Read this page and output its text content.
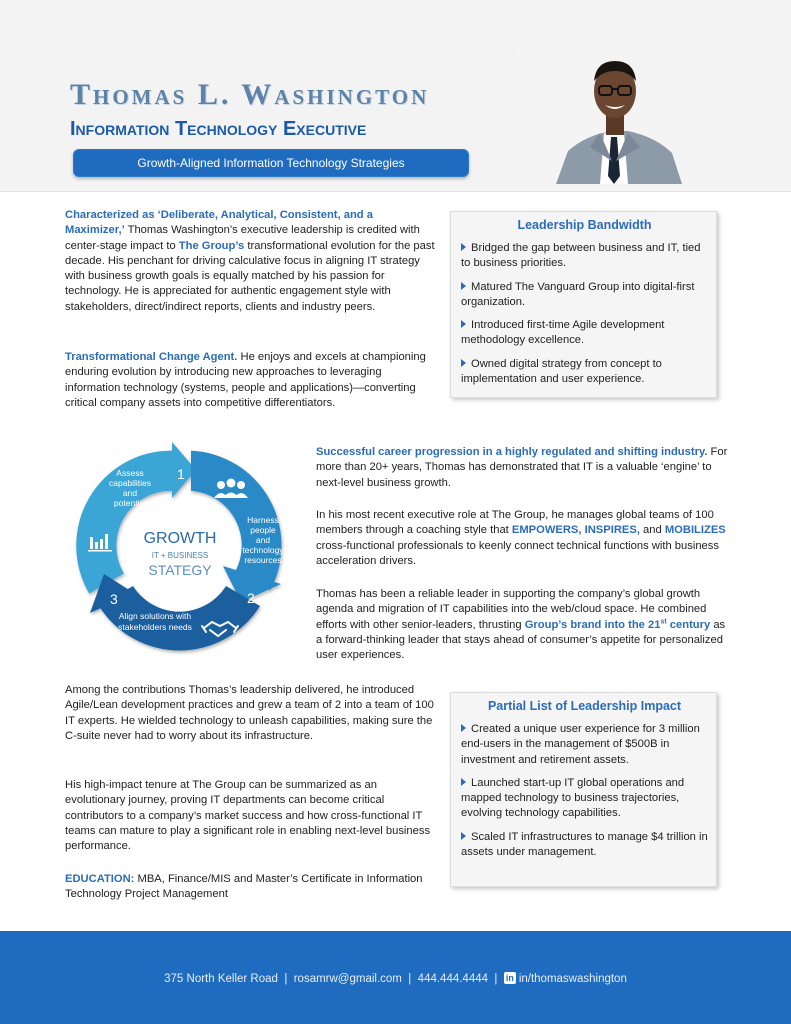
Thomas L. Washington
Information Technology Executive
Growth-Aligned Information Technology Strategies
Characterized as ‘Deliberate, Analytical, Consistent, and a Maximizer,’ Thomas Washington’s executive leadership is credited with center-stage impact to The Group’s transformational evolution for the past decade. His penchant for driving calculative focus in aligning IT strategy with business growth goals is equally matched by his passion for technology. He is appreciated for authentic engagement style with stakeholders, direct/indirect reports, clients and industry peers.
Transformational Change Agent. He enjoys and excels at championing enduring evolution by introducing new approaches to leveraging information technology (systems, people and applications)—converting critical company assets into competitive differentiators.
Leadership Bandwidth
Bridged the gap between business and IT, tied to business priorities.
Matured The Vanguard Group into digital-first organization.
Introduced first-time Agile development methodology excellence.
Owned digital strategy from concept to implementation and user experience.
GROWTH
IT + BUSINESS
STATEGY
1
Assess
capabilities
and
potential
2
Harness
people
and
technology
resources
3
Align solutions with
stakeholders needs
Successful career progression in a highly regulated and shifting industry. For more than 20+ years, Thomas has demonstrated that IT is a valuable ‘engine’ to next-level business growth.
In his most recent executive role at The Group, he manages global teams of 100 members through a coaching style that EMPOWERS, INSPIRES, and MOBILIZES cross-functional professionals to keenly connect technical functions with business acceleration drivers.
Thomas has been a reliable leader in supporting the company’s global growth agenda and migration of IT capabilities into the web/cloud space. He combined efforts with other senior-leaders, thrusting Group’s brand into the 21st century as a forward-thinking leader that stays ahead of consumer’s appetite for personalized user experiences.
Among the contributions Thomas’s leadership delivered, he introduced Agile/Lean development practices and grew a team of 2 into a team of 100 IT experts. He wielded technology to unleash capabilities, making sure the C-suite never had to worry about its infrastructure.
His high-impact tenure at The Group can be summarized as an evolutionary journey, proving IT departments can become critical contributors to a company’s market success and how cross-functional IT teams can mature to play a significant role in enabling next-level business performance.
EDUCATION: MBA, Finance/MIS and Master’s Certificate in Information Technology Project Management
Partial List of Leadership Impact
Created a unique user experience for 3 million end-users in the management of $500B in investment and retirement assets.
Launched start-up IT global operations and mapped technology to business trajectories, evolving technology capabilities.
Scaled IT infrastructures to manage $4 trillion in assets under management.
375 North Keller Road | rosamrw@gmail.com | 444.444.4444 | in in/thomaswashington
